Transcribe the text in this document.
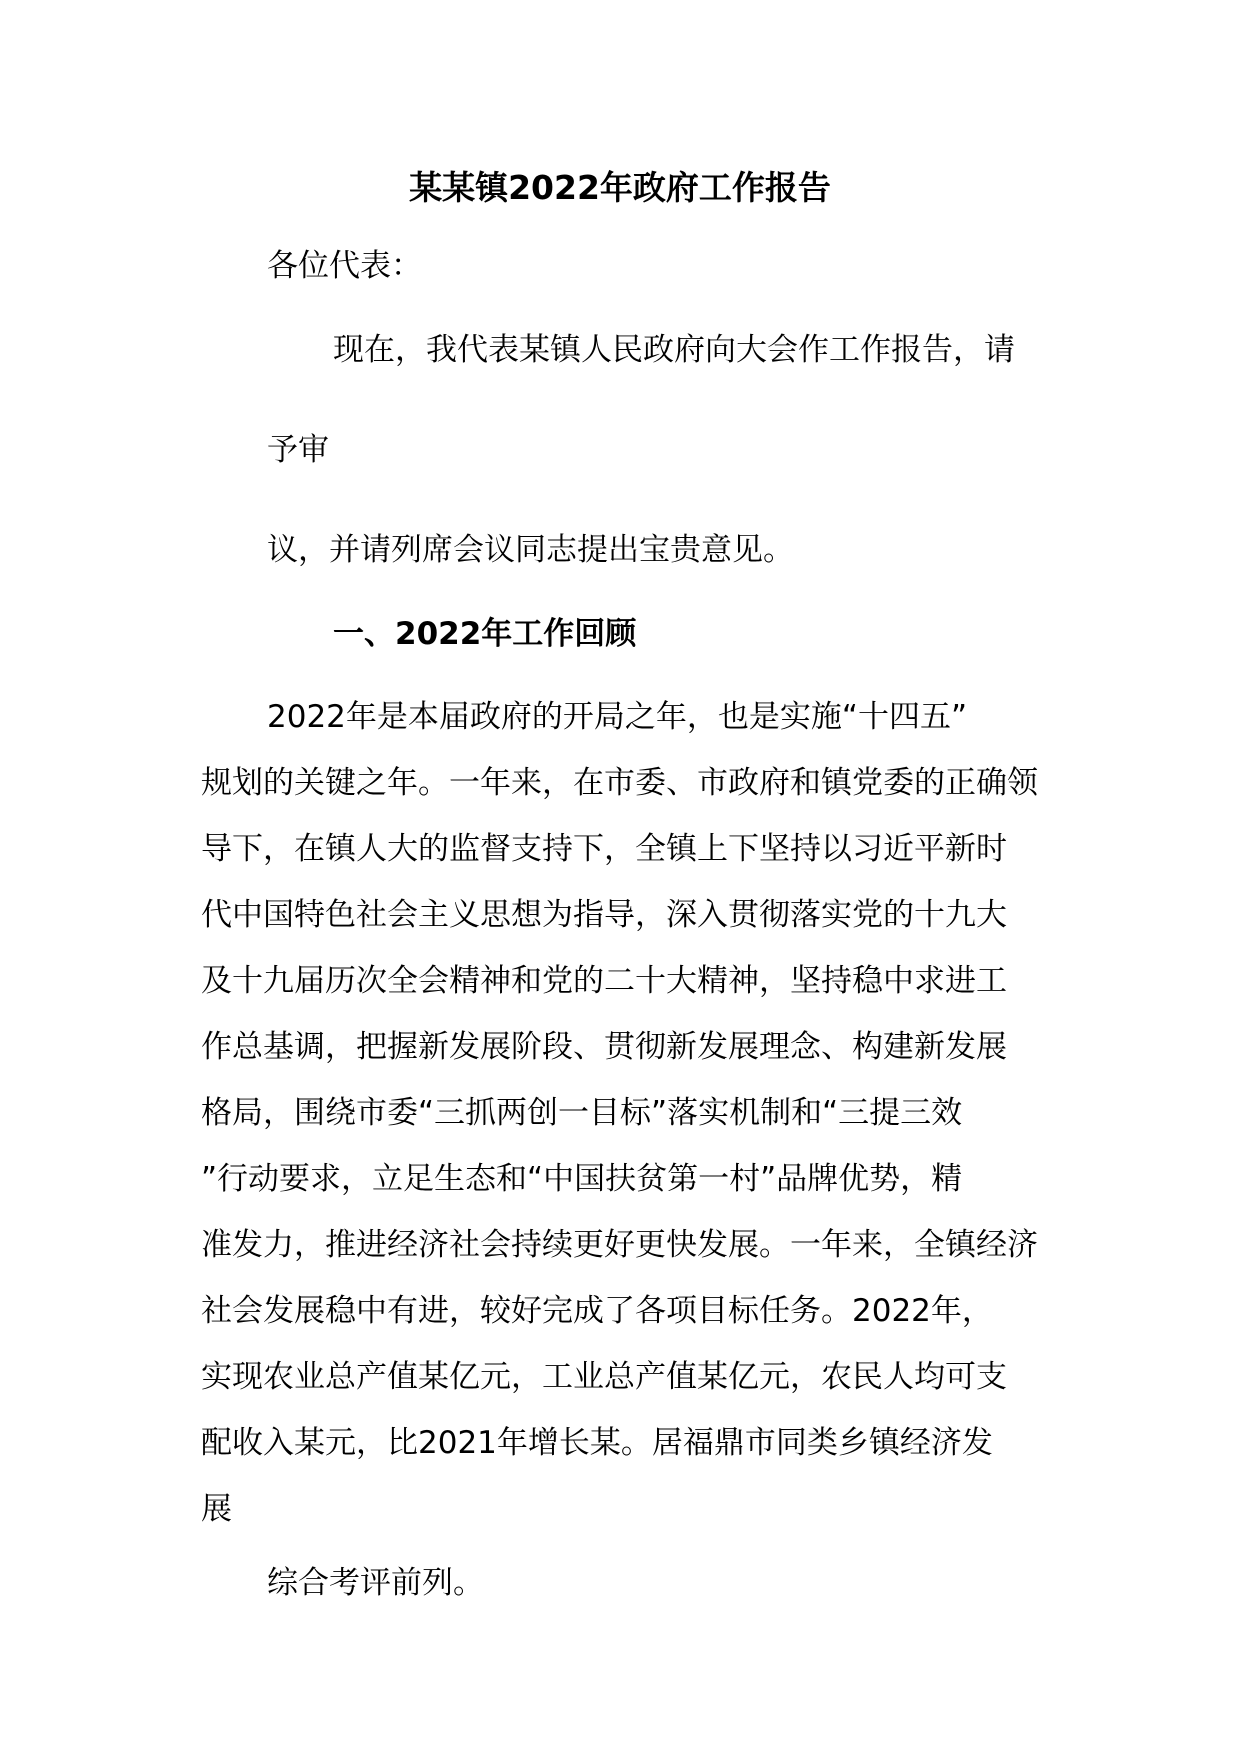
某某镇2022年政府工作报告

各位代表：

现在，我代表某镇人民政府向大会作工作报告，请

予审

议，并请列席会议同志提出宝贵意见。

一、2022年工作回顾

2022年是本届政府的开局之年，也是实施“十四五”

规划的关键之年。一年来，在市委、市政府和镇党委的正确领

导下，在镇人大的监督支持下，全镇上下坚持以习近平新时

代中国特色社会主义思想为指导，深入贯彻落实党的十九大

及十九届历次全会精神和党的二十大精神，坚持稳中求进工

作总基调，把握新发展阶段、贯彻新发展理念、构建新发展

格局，围绕市委“三抓两创一目标”落实机制和“三提三效

”行动要求，立足生态和“中国扶贫第一村”品牌优势，精

准发力，推进经济社会持续更好更快发展。一年来，全镇经济

社会发展稳中有进，较好完成了各项目标任务。2022年，

实现农业总产值某亿元，工业总产值某亿元，农民人均可支

配收入某元，比2021年增长某。居福鼎市同类乡镇经济发

展

综合考评前列。
